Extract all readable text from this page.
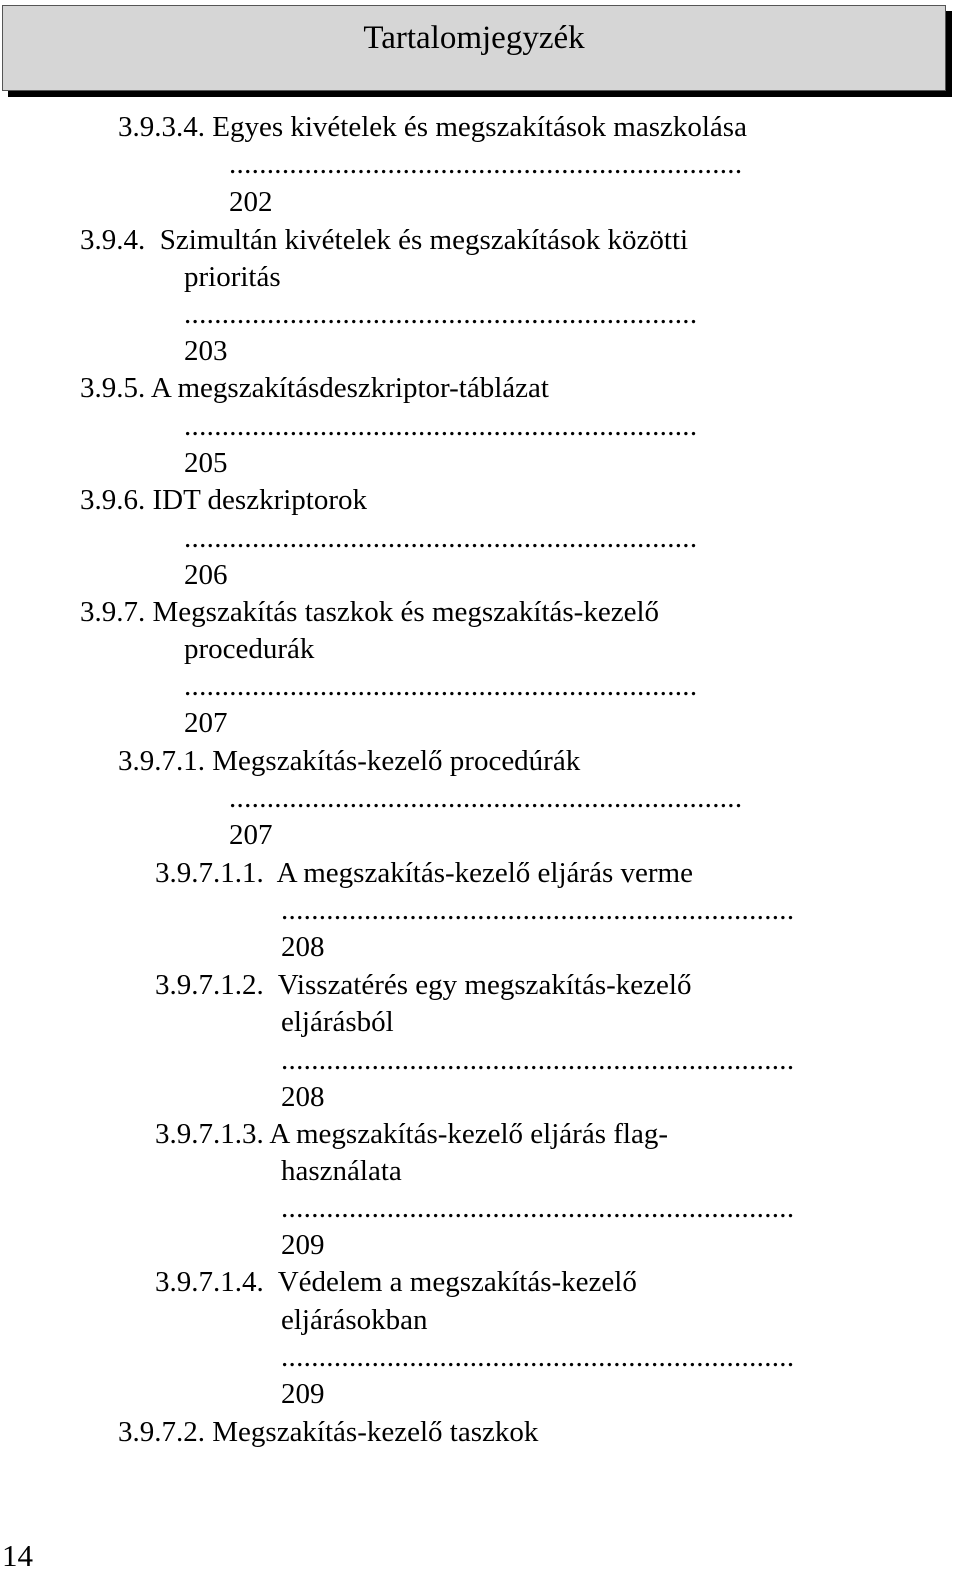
Tartalomjegyzék
3.9.3.4. Egyes kivételek és megszakítások maszkolása
....................................................................
202
3.9.4. Szimultán kivételek és megszakítások közötti
prioritás
....................................................................
203
3.9.5. A megszakításdeszkriptor-táblázat
....................................................................
205
3.9.6. IDT deszkriptorok
....................................................................
206
3.9.7. Megszakítás taszkok és megszakítás-kezelő
procedurák
....................................................................
207
3.9.7.1. Megszakítás-kezelő procedúrák
....................................................................
207
3.9.7.1.1. A megszakítás-kezelő eljárás verme
....................................................................
208
3.9.7.1.2. Visszatérés egy megszakítás-kezelő
eljárásból
....................................................................
208
3.9.7.1.3. A megszakítás-kezelő eljárás flag-
használata
....................................................................
209
3.9.7.1.4. Védelem a megszakítás-kezelő
eljárásokban
....................................................................
209
3.9.7.2. Megszakítás-kezelő taszkok
14
